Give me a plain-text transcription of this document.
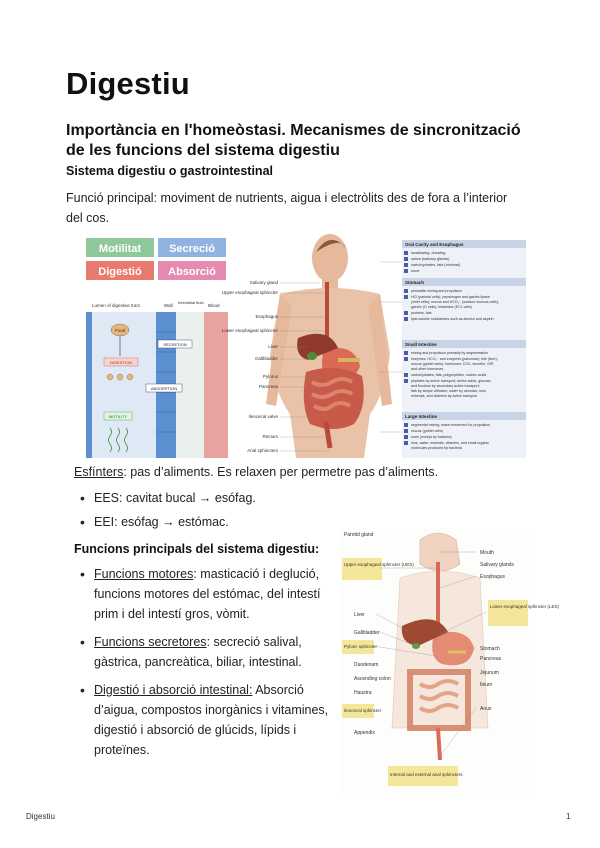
Digestiu

Importància en l'homeòstasi. Mecanismes de sincronització de les funcions del sistema digestiu

Sistema digestiu o gastrointestinal
Funció principal: moviment de nutrients, aigua i electròlits des de fora a l’interior del cos.
Motilitat	Secreció
Digestió Absorció
Lumen of digestive tract	Wall
Interstitial fluid
Blood
Food
DIGESTION
SECRETION
ABSORPTION
MOTILITY
Salivary gland
Upper esophageal sphincter
Esophagus
Lower esophageal sphincter
Liver
Gallbladder
Pylorus
Pancreas
Ileocecal valve
Rectum
Anal sphincters
Oral Cavity and Esophagus
swallowing, chewing
saliva (salivary glands)
carbohydrates, fats (minimal)
none
Stomach
peristaltic mixing and propulsion
HCl (parietal cells); pepsinogen and gastric lipase
(chief cells); mucus and HCO₃⁻ (surface mucous cells);
gastrin (G cells); histamine (ECL cells)
proteins, fats
lipid-soluble substances such as alcohol and aspirin
Small Intestine
mixing and propulsion primarily by segmentation
enzymes, HCO₃⁻ and enzymes (pancreas); bile (liver);
mucus (goblet cells); hormones: CCK, secretin, GIP,
and other hormones
carbohydrates, fats, polypeptides, nucleic acids
peptides by active transport; amino acids, glucose,
and fructose by secondary active transport;
fats by simple diffusion; water by osmosis; ions,
minerals, and vitamins by active transport
Large Intestine
segmental mixing; mass movement for propulsion
mucus (goblet cells)
none (except by bacteria)
ions, water, minerals, vitamins, and small organic
molecules produced by bacteria
Esfínters: pas d’aliments. Es relaxen per permetre pas d’aliments.
• EES: cavitat bucal → esófag.
• EEI: esófag → estómac.
Funcions principals del sistema digestiu:
• Funcions motores: masticació i deglució, funcions motores del estómac, del intestí prim i del intestí gros, vòmit.
• Funcions secretores: secreció salival, gàstrica, pancreàtica, biliar, intestinal.
• Digestió i absorció intestinal: Absorció d’aigua, compostos inorgànics i vitamines, digestió i absorció de glúcids, lípids i proteïnes.
Parotid gland
Upper esophageal sphincter (UES)
Liver
Gallbladder
Pyloric sphincter
Duodenum
Ascending colon
Haustra
Ileocecal sphincter
Appendix
Mouth
Salivary glands
Esophagus
Lower esophageal sphincter (LES)
Stomach
Pancreas
Jejunum
Ileum
Anus
Internal and external anal sphincters
Digestiu	1
